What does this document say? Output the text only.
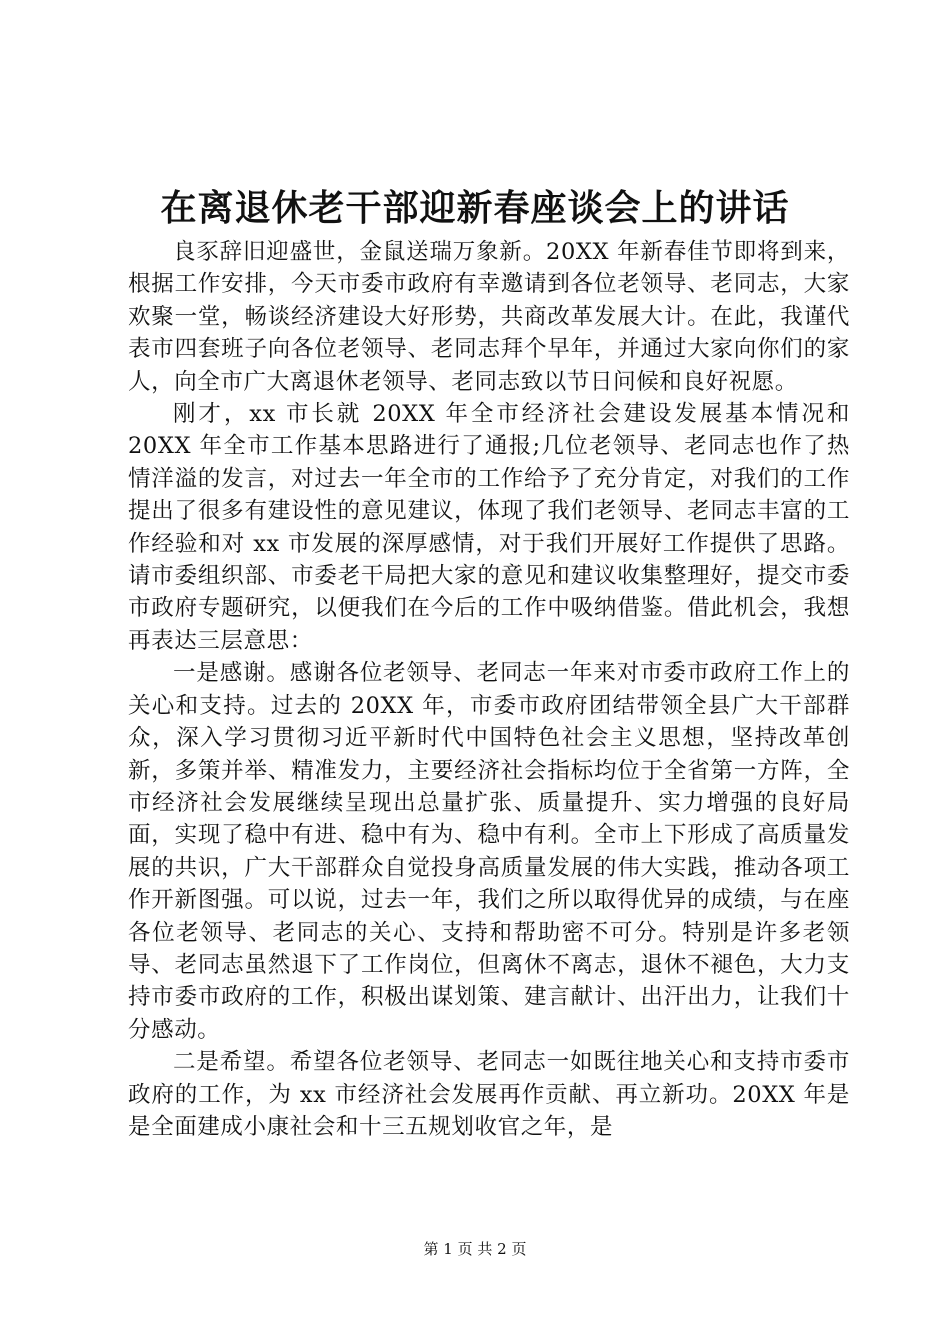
在离退休老干部迎新春座谈会上的讲话

良豕辞旧迎盛世，金鼠送瑞万象新。20XX 年新春佳节即将到来，根据工作安排，今天市委市政府有幸邀请到各位老领导、老同志，大家欢聚一堂，畅谈经济建设大好形势，共商改革发展大计。在此，我谨代表市四套班子向各位老领导、老同志拜个早年，并通过大家向你们的家人，向全市广大离退休老领导、老同志致以节日问候和良好祝愿。

刚才，xx 市长就 20XX 年全市经济社会建设发展基本情况和 20XX 年全市工作基本思路进行了通报;几位老领导、老同志也作了热情洋溢的发言，对过去一年全市的工作给予了充分肯定，对我们的工作提出了很多有建设性的意见建议，体现了我们老领导、老同志丰富的工作经验和对 xx 市发展的深厚感情，对于我们开展好工作提供了思路。请市委组织部、市委老干局把大家的意见和建议收集整理好，提交市委市政府专题研究，以便我们在今后的工作中吸纳借鉴。借此机会，我想再表达三层意思：

一是感谢。感谢各位老领导、老同志一年来对市委市政府工作上的关心和支持。过去的 20XX 年，市委市政府团结带领全县广大干部群众，深入学习贯彻习近平新时代中国特色社会主义思想，坚持改革创新，多策并举、精准发力，主要经济社会指标均位于全省第一方阵，全市经济社会发展继续呈现出总量扩张、质量提升、实力增强的良好局面，实现了稳中有进、稳中有为、稳中有利。全市上下形成了高质量发展的共识，广大干部群众自觉投身高质量发展的伟大实践，推动各项工作开新图强。可以说，过去一年，我们之所以取得优异的成绩，与在座各位老领导、老同志的关心、支持和帮助密不可分。特别是许多老领导、老同志虽然退下了工作岗位，但离休不离志，退休不褪色，大力支持市委市政府的工作，积极出谋划策、建言献计、出汗出力，让我们十分感动。

二是希望。希望各位老领导、老同志一如既往地关心和支持市委市政府的工作，为 xx 市经济社会发展再作贡献、再立新功。20XX 年是是全面建成小康社会和十三五规划收官之年，是

第 1 页 共 2 页
